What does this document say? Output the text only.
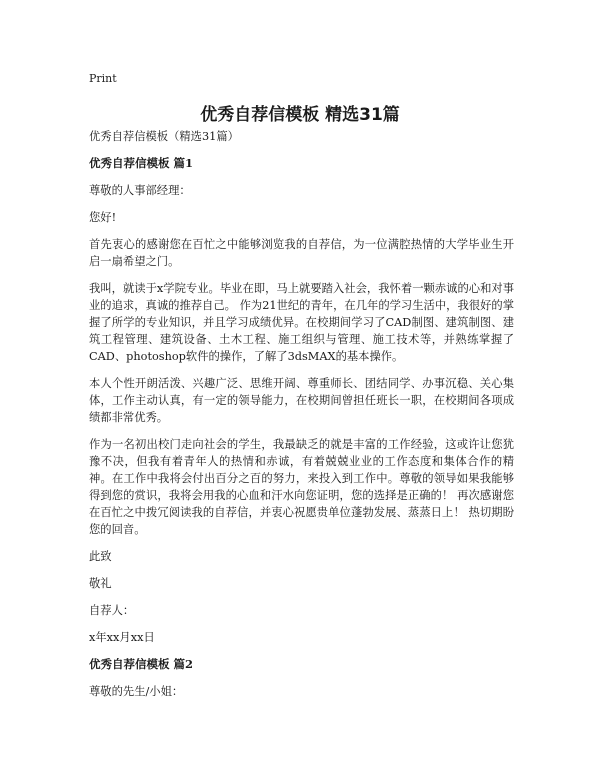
Print
优秀自荐信模板 精选31篇

优秀自荐信模板（精选31篇）

优秀自荐信模板 篇1

尊敬的人事部经理：

您好!

首先衷心的感谢您在百忙之中能够浏览我的自荐信，为一位满腔热情的大学毕业生开启一扇希望之门。

我叫，就读于x学院专业。毕业在即，马上就要踏入社会，我怀着一颗赤诚的心和对事业的追求，真诚的推荐自己。 作为21世纪的青年，在几年的学习生活中，我很好的掌握了所学的专业知识，并且学习成绩优异。在校期间学习了CAD制图、建筑制图、建筑工程管理、建筑设备、土木工程、施工组织与管理、施工技术等，并熟练掌握了CAD、photoshop软件的操作，了解了3dsMAX的基本操作。

本人个性开朗活泼、兴趣广泛、思维开阔、尊重师长、团结同学、办事沉稳、关心集体，工作主动认真，有一定的领导能力，在校期间曾担任班长一职，在校期间各项成绩都非常优秀。

作为一名初出校门走向社会的学生，我最缺乏的就是丰富的工作经验，这或许让您犹豫不决，但我有着青年人的热情和赤诚，有着兢兢业业的工作态度和集体合作的精神。在工作中我将会付出百分之百的努力，来投入到工作中。尊敬的领导如果我能够得到您的赏识，我将会用我的心血和汗水向您证明，您的选择是正确的！ 再次感谢您在百忙之中拨冗阅读我的自荐信，并衷心祝愿贵单位蓬勃发展、蒸蒸日上！ 热切期盼您的回音。

此致

敬礼

自荐人：

x年xx月xx日

优秀自荐信模板 篇2

尊敬的先生/小姐：
